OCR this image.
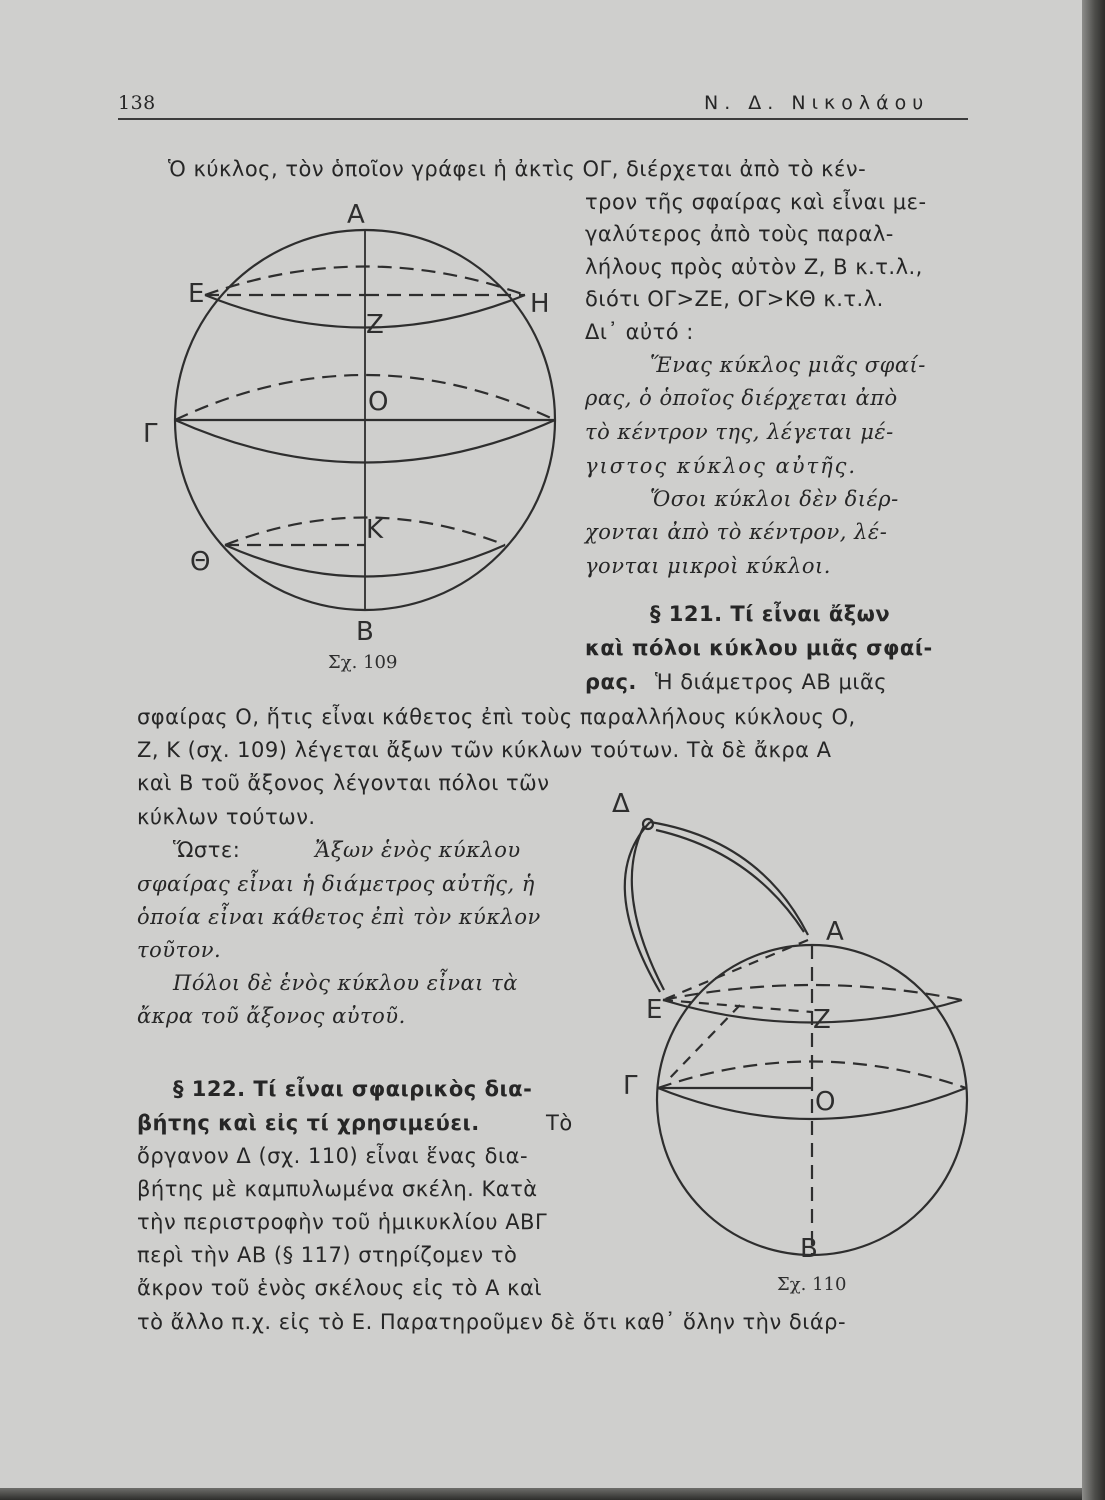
138	Ν. Δ. Νικολάου
Ὁ κύκλος, τὸν ὁποῖον γράφει ἡ ἀκτὶς ΟΓ, διέρχεται ἀπὸ τὸ κέν-
τρον τῆς σφαίρας καὶ εἶναι με-
γαλύτερος ἀπὸ τοὺς παραλ-
λήλους πρὸς αὐτὸν Ζ, Β κ.τ.λ.,
διότι ΟΓ>ΖΕ, ΟΓ>ΚΘ κ.τ.λ.
Δι᾽ αὐτό :
Ἕνας κύκλος μιᾶς σφαί-
ρας, ὁ ὁποῖος διέρχεται ἀπὸ
τὸ κέντρον της, λέγεται μέ-
γιστος κύκλος αὐτῆς.
Ὅσοι κύκλοι δὲν διέρ-
χονται ἀπὸ τὸ κέντρον, λέ-
γονται μικροὶ κύκλοι.
§ 121. Τί εἶναι ἄξων
καὶ πόλοι κύκλου μιᾶς σφαί-
ρας. Ἡ διάμετρος ΑΒ μιᾶς
σφαίρας Ο, ἥτις εἶναι κάθετος ἐπὶ τοὺς παραλλήλους κύκλους Ο,
Ζ, Κ (σχ. 109) λέγεται ἄξων τῶν κύκλων τούτων. Τὰ δὲ ἄκρα Α
καὶ Β τοῦ ἄξονος λέγονται πόλοι τῶν
κύκλων τούτων.
Ὥστε:	Ἄξων ἑνὸς κύκλου
σφαίρας εἶναι ἡ διάμετρος αὐτῆς, ἡ
ὁποία εἶναι κάθετος ἐπὶ τὸν κύκλον
τοῦτον.
Πόλοι δὲ ἑνὸς κύκλου εἶναι τὰ
ἄκρα τοῦ ἄξονος αὐτοῦ.
§ 122. Τί εἶναι σφαιρικὸς δια-
βήτης καὶ εἰς τί χρησιμεύει.	Τὸ
ὄργανον Δ (σχ. 110) εἶναι ἕνας δια-
βήτης μὲ καμπυλωμένα σκέλη. Κατὰ
τὴν περιστροφὴν τοῦ ἡμικυκλίου ΑΒΓ
περὶ τὴν ΑΒ (§ 117) στηρίζομεν τὸ
ἄκρον τοῦ ἑνὸς σκέλους εἰς τὸ Α καὶ
τὸ ἄλλο π.χ. εἰς τὸ Ε. Παρατηροῦμεν δὲ ὅτι καθ᾽ ὅλην τὴν διάρ-
Α
Ε	Η
Ζ
Ο
Γ
Κ
Θ
Β
Σχ. 109
Δ
Α
Ε	Ζ
Γ
Ο
Β
Σχ. 110
